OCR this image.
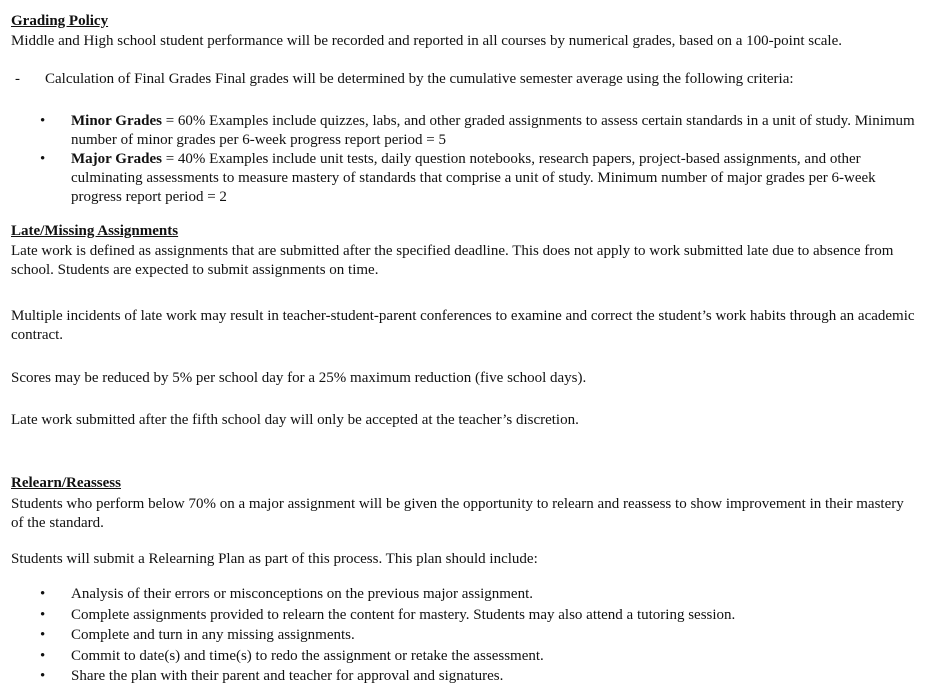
Grading Policy

Middle and High school student performance will be recorded and reported in all courses by numerical grades, based on a 100-point scale.

- Calculation of Final Grades Final grades will be determined by the cumulative semester average using the following criteria:
• Minor Grades = 60% Examples include quizzes, labs, and other graded assignments to assess certain standards in a unit of study. Minimum number of minor grades per 6-week progress report period = 5
• Major Grades = 40% Examples include unit tests, daily question notebooks, research papers, project-based assignments, and other culminating assessments to measure mastery of standards that comprise a unit of study. Minimum number of major grades per 6-week progress report period = 2
Late/Missing Assignments

Late work is defined as assignments that are submitted after the specified deadline. This does not apply to work submitted late due to absence from school. Students are expected to submit assignments on time.

Multiple incidents of late work may result in teacher-student-parent conferences to examine and correct the student’s work habits through an academic contract.

Scores may be reduced by 5% per school day for a 25% maximum reduction (five school days).

Late work submitted after the fifth school day will only be accepted at the teacher’s discretion.

Relearn/Reassess

Students who perform below 70% on a major assignment will be given the opportunity to relearn and reassess to show improvement in their mastery of the standard.

Students will submit a Relearning Plan as part of this process. This plan should include:

• Analysis of their errors or misconceptions on the previous major assignment.
• Complete assignments provided to relearn the content for mastery. Students may also attend a tutoring session.
• Complete and turn in any missing assignments.
• Commit to date(s) and time(s) to redo the assignment or retake the assessment.
• Share the plan with their parent and teacher for approval and signatures.
